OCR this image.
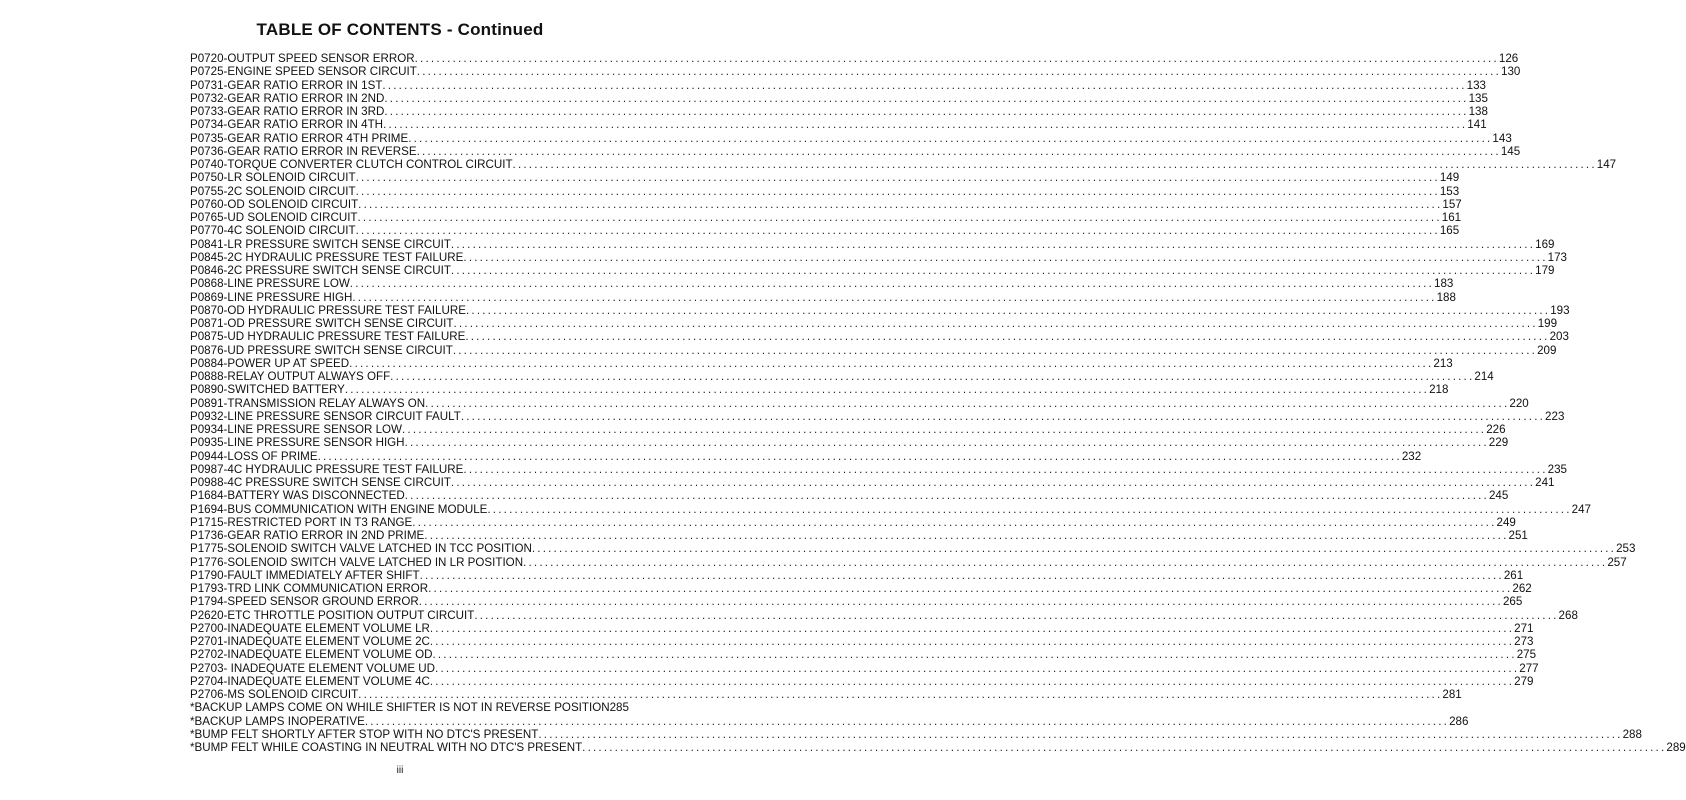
TABLE OF CONTENTS - Continued
P0720-OUTPUT SPEED SENSOR ERROR ........................................................................................................................................................................................................ 126
P0725-ENGINE SPEED SENSOR CIRCUIT ........................................................................................................................................................................................................ 130
P0731-GEAR RATIO ERROR IN 1ST ........................................................................................................................................................................................................ 133
P0732-GEAR RATIO ERROR IN 2ND ........................................................................................................................................................................................................ 135
P0733-GEAR RATIO ERROR IN 3RD ........................................................................................................................................................................................................ 138
P0734-GEAR RATIO ERROR IN 4TH ........................................................................................................................................................................................................ 141
P0735-GEAR RATIO ERROR 4TH PRIME ........................................................................................................................................................................................................ 143
P0736-GEAR RATIO ERROR IN REVERSE ........................................................................................................................................................................................................ 145
P0740-TORQUE CONVERTER CLUTCH CONTROL CIRCUIT ........................................................................................................................................................................................................ 147
P0750-LR SOLENOID CIRCUIT ........................................................................................................................................................................................................ 149
P0755-2C SOLENOID CIRCUIT ........................................................................................................................................................................................................ 153
P0760-OD SOLENOID CIRCUIT ........................................................................................................................................................................................................ 157
P0765-UD SOLENOID CIRCUIT ........................................................................................................................................................................................................ 161
P0770-4C SOLENOID CIRCUIT ........................................................................................................................................................................................................ 165
P0841-LR PRESSURE SWITCH SENSE CIRCUIT ........................................................................................................................................................................................................ 169
P0845-2C HYDRAULIC PRESSURE TEST FAILURE ........................................................................................................................................................................................................ 173
P0846-2C PRESSURE SWITCH SENSE CIRCUIT ........................................................................................................................................................................................................ 179
P0868-LINE PRESSURE LOW ........................................................................................................................................................................................................ 183
P0869-LINE PRESSURE HIGH ........................................................................................................................................................................................................ 188
P0870-OD HYDRAULIC PRESSURE TEST FAILURE ........................................................................................................................................................................................................ 193
P0871-OD PRESSURE SWITCH SENSE CIRCUIT ........................................................................................................................................................................................................ 199
P0875-UD HYDRAULIC PRESSURE TEST FAILURE ........................................................................................................................................................................................................ 203
P0876-UD PRESSURE SWITCH SENSE CIRCUIT ........................................................................................................................................................................................................ 209
P0884-POWER UP AT SPEED ........................................................................................................................................................................................................ 213
P0888-RELAY OUTPUT ALWAYS OFF ........................................................................................................................................................................................................ 214
P0890-SWITCHED BATTERY ........................................................................................................................................................................................................ 218
P0891-TRANSMISSION RELAY ALWAYS ON ........................................................................................................................................................................................................ 220
P0932-LINE PRESSURE SENSOR CIRCUIT FAULT ........................................................................................................................................................................................................ 223
P0934-LINE PRESSURE SENSOR LOW ........................................................................................................................................................................................................ 226
P0935-LINE PRESSURE SENSOR HIGH ........................................................................................................................................................................................................ 229
P0944-LOSS OF PRIME ........................................................................................................................................................................................................ 232
P0987-4C HYDRAULIC PRESSURE TEST FAILURE ........................................................................................................................................................................................................ 235
P0988-4C PRESSURE SWITCH SENSE CIRCUIT ........................................................................................................................................................................................................ 241
P1684-BATTERY WAS DISCONNECTED ........................................................................................................................................................................................................ 245
P1694-BUS COMMUNICATION WITH ENGINE MODULE ........................................................................................................................................................................................................ 247
P1715-RESTRICTED PORT IN T3 RANGE ........................................................................................................................................................................................................ 249
P1736-GEAR RATIO ERROR IN 2ND PRIME ........................................................................................................................................................................................................ 251
P1775-SOLENOID SWITCH VALVE LATCHED IN TCC POSITION ........................................................................................................................................................................................................ 253
P1776-SOLENOID SWITCH VALVE LATCHED IN LR POSITION ........................................................................................................................................................................................................ 257
P1790-FAULT IMMEDIATELY AFTER SHIFT ........................................................................................................................................................................................................ 261
P1793-TRD LINK COMMUNICATION ERROR ........................................................................................................................................................................................................ 262
P1794-SPEED SENSOR GROUND ERROR ........................................................................................................................................................................................................ 265
P2620-ETC THROTTLE POSITION OUTPUT CIRCUIT ........................................................................................................................................................................................................ 268
P2700-INADEQUATE ELEMENT VOLUME LR ........................................................................................................................................................................................................ 271
P2701-INADEQUATE ELEMENT VOLUME 2C ........................................................................................................................................................................................................ 273
P2702-INADEQUATE ELEMENT VOLUME OD ........................................................................................................................................................................................................ 275
P2703- INADEQUATE ELEMENT VOLUME UD ........................................................................................................................................................................................................ 277
P2704-INADEQUATE ELEMENT VOLUME 4C ........................................................................................................................................................................................................ 279
P2706-MS SOLENOID CIRCUIT ........................................................................................................................................................................................................ 281
*BACKUP LAMPS COME ON WHILE SHIFTER IS NOT IN REVERSE POSITION 285
*BACKUP LAMPS INOPERATIVE ........................................................................................................................................................................................................ 286
*BUMP FELT SHORTLY AFTER STOP WITH NO DTC'S PRESENT ........................................................................................................................................................................................................ 288
*BUMP FELT WHILE COASTING IN NEUTRAL WITH NO DTC'S PRESENT ........................................................................................................................................................................................................ 289
iii
